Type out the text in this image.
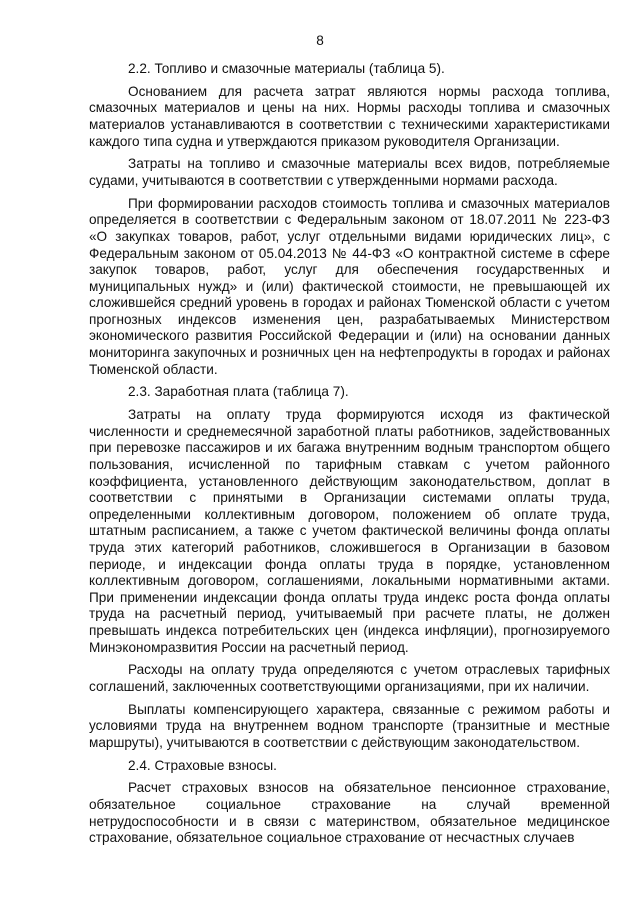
8

2.2. Топливо и смазочные материалы (таблица 5).

Основанием для расчета затрат являются нормы расхода топлива, смазочных материалов и цены на них. Нормы расходы топлива и смазочных материалов устанавливаются в соответствии с техническими характеристиками каждого типа судна и утверждаются приказом руководителя Организации.

Затраты на топливо и смазочные материалы всех видов, потребляемые судами, учитываются в соответствии с утвержденными нормами расхода.

При формировании расходов стоимость топлива и смазочных материалов определяется в соответствии с Федеральным законом от 18.07.2011 № 223-ФЗ «О закупках товаров, работ, услуг отдельными видами юридических лиц», с Федеральным законом от 05.04.2013 № 44-ФЗ «О контрактной системе в сфере закупок товаров, работ, услуг для обеспечения государственных и муниципальных нужд» и (или) фактической стоимости, не превышающей их сложившейся средний уровень в городах и районах Тюменской области с учетом прогнозных индексов изменения цен, разрабатываемых Министерством экономического развития Российской Федерации и (или) на основании данных мониторинга закупочных и розничных цен на нефтепродукты в городах и районах Тюменской области.

2.3. Заработная плата (таблица 7).

Затраты на оплату труда формируются исходя из фактической численности и среднемесячной заработной платы работников, задействованных при перевозке пассажиров и их багажа внутренним водным транспортом общего пользования, исчисленной по тарифным ставкам с учетом районного коэффициента, установленного действующим законодательством, доплат в соответствии с принятыми в Организации системами оплаты труда, определенными коллективным договором, положением об оплате труда, штатным расписанием, а также с учетом фактической величины фонда оплаты труда этих категорий работников, сложившегося в Организации в базовом периоде, и индексации фонда оплаты труда в порядке, установленном коллективным договором, соглашениями, локальными нормативными актами. При применении индексации фонда оплаты труда индекс роста фонда оплаты труда на расчетный период, учитываемый при расчете платы, не должен превышать индекса потребительских цен (индекса инфляции), прогнозируемого Минэкономразвития России на расчетный период.

Расходы на оплату труда определяются с учетом отраслевых тарифных соглашений, заключенных соответствующими организациями, при их наличии.

Выплаты компенсирующего характера, связанные с режимом работы и условиями труда на внутреннем водном транспорте (транзитные и местные маршруты), учитываются в соответствии с действующим законодательством.

2.4. Страховые взносы.

Расчет страховых взносов на обязательное пенсионное страхование, обязательное социальное страхование на случай временной нетрудоспособности и в связи с материнством, обязательное медицинское страхование, обязательное социальное страхование от несчастных случаев
